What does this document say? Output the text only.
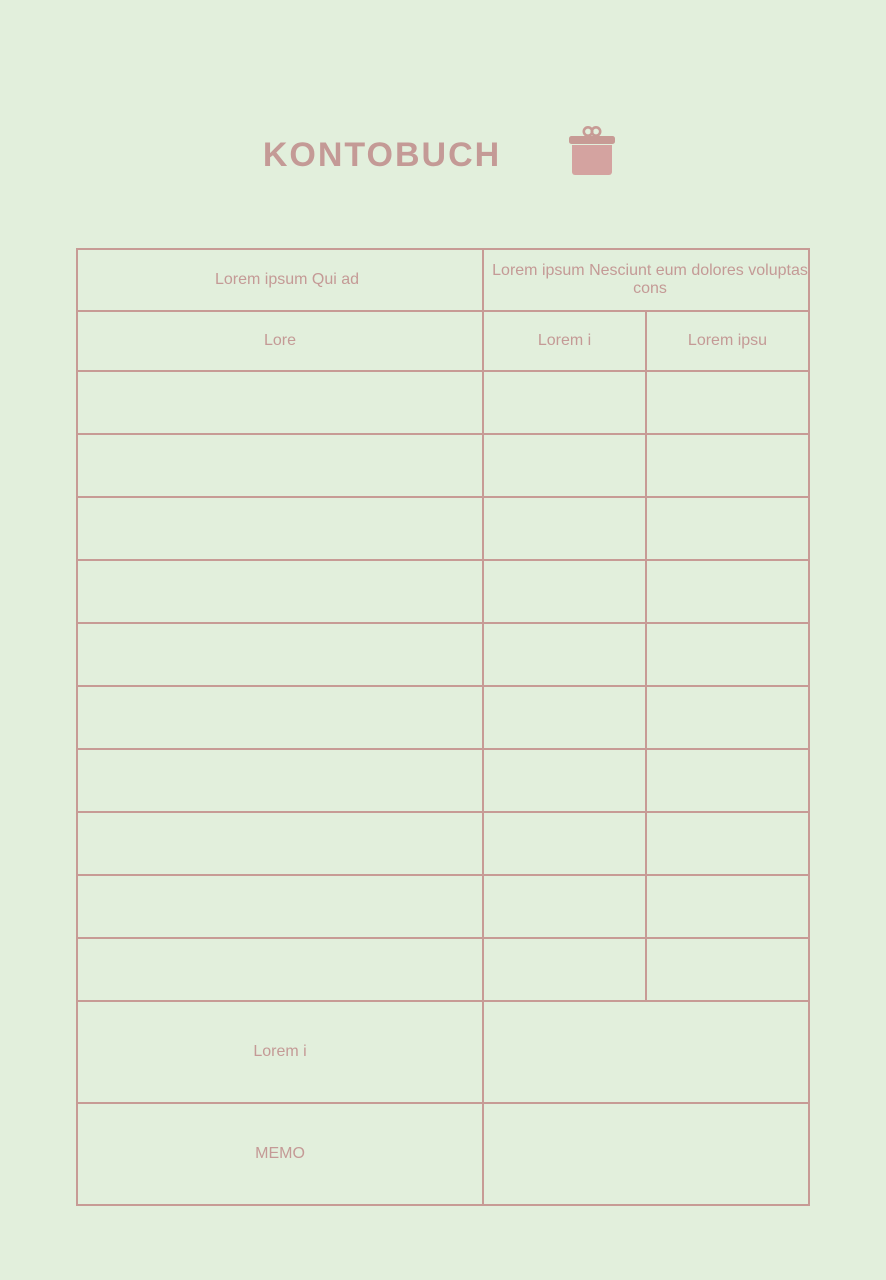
KONTOBUCH
Lorem ipsum Qui ad	Lorem ipsum Nesciunt eum dolores voluptas cons	
Lore	Lorem i	Lorem ipsu

Lorem i		
MEMO		
